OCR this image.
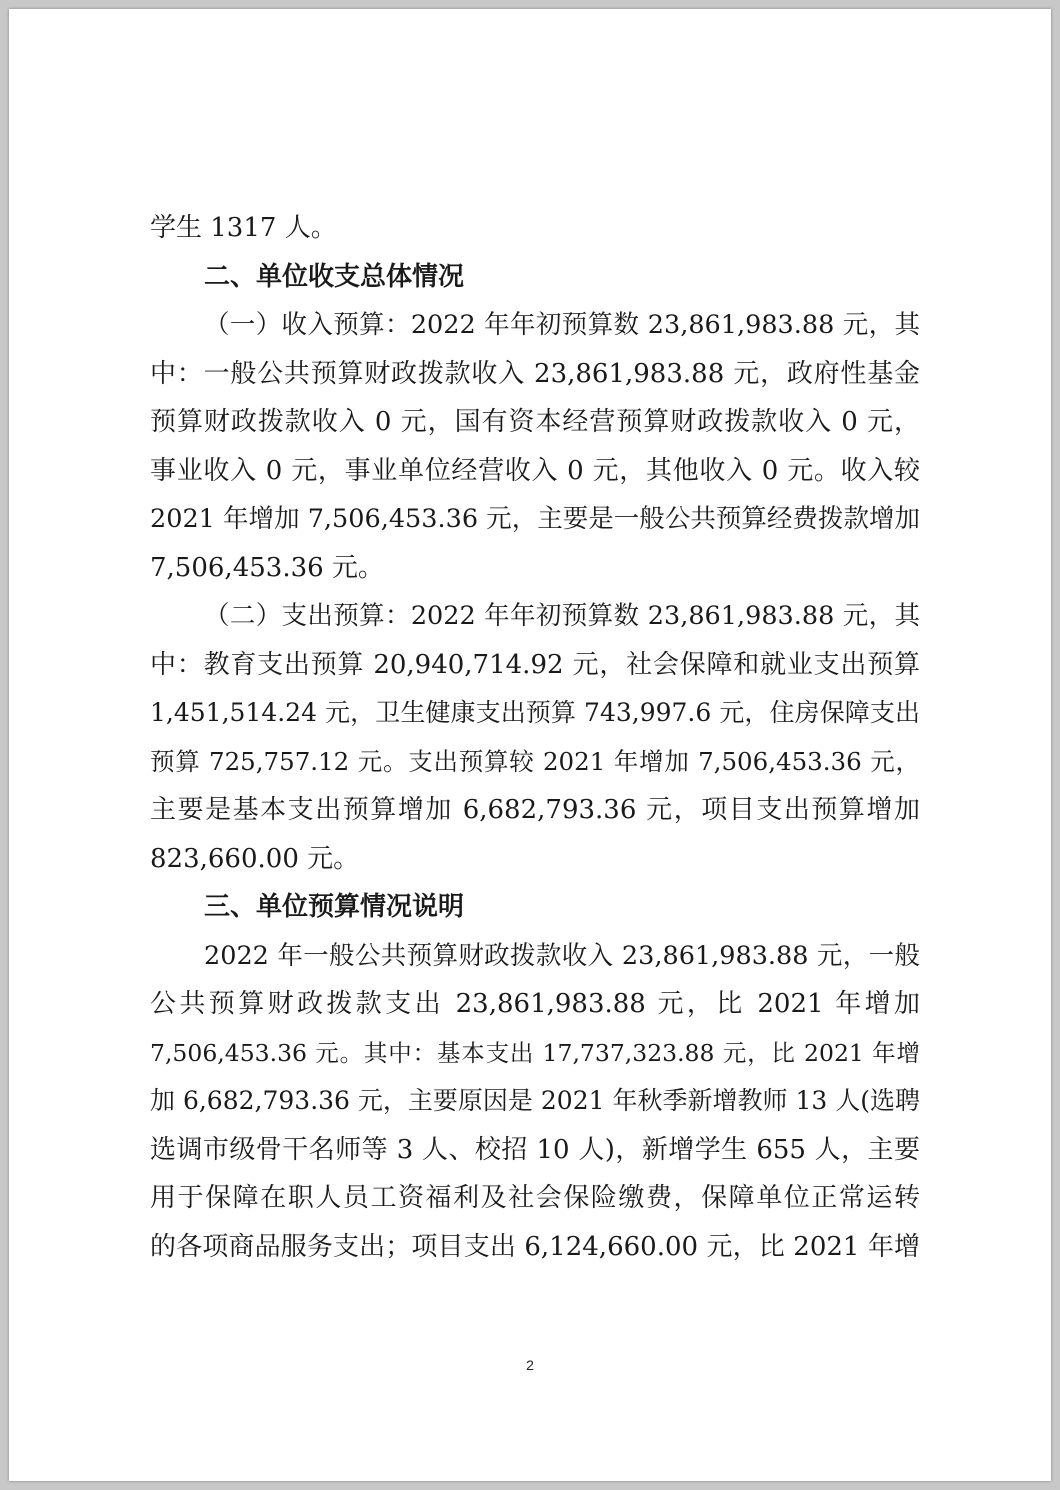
学生 1317 人。
二、单位收支总体情况
（一）收入预算：2022 年年初预算数 23,861,983.88 元，其
中：一般公共预算财政拨款收入 23,861,983.88 元，政府性基金
预算财政拨款收入 0 元，国有资本经营预算财政拨款收入 0 元，
事业收入 0 元，事业单位经营收入 0 元，其他收入 0 元。收入较
2021 年增加 7,506,453.36 元，主要是一般公共预算经费拨款增加
7,506,453.36 元。
（二）支出预算：2022 年年初预算数 23,861,983.88 元，其
中：教育支出预算 20,940,714.92 元，社会保障和就业支出预算
1,451,514.24 元，卫生健康支出预算 743,997.6 元，住房保障支出
预算 725,757.12 元。支出预算较 2021 年增加 7,506,453.36 元，
主要是基本支出预算增加 6,682,793.36 元，项目支出预算增加
823,660.00 元。
三、单位预算情况说明
2022 年一般公共预算财政拨款收入 23,861,983.88 元，一般
公共预算财政拨款支出 23,861,983.88 元，比 2021 年增加
7,506,453.36 元。其中：基本支出 17,737,323.88 元，比 2021 年增
加 6,682,793.36 元，主要原因是 2021 年秋季新增教师 13 人(选聘
选调市级骨干名师等 3 人、校招 10 人)，新增学生 655 人，主要
用于保障在职人员工资福利及社会保险缴费，保障单位正常运转
的各项商品服务支出；项目支出 6,124,660.00 元，比 2021 年增
2
